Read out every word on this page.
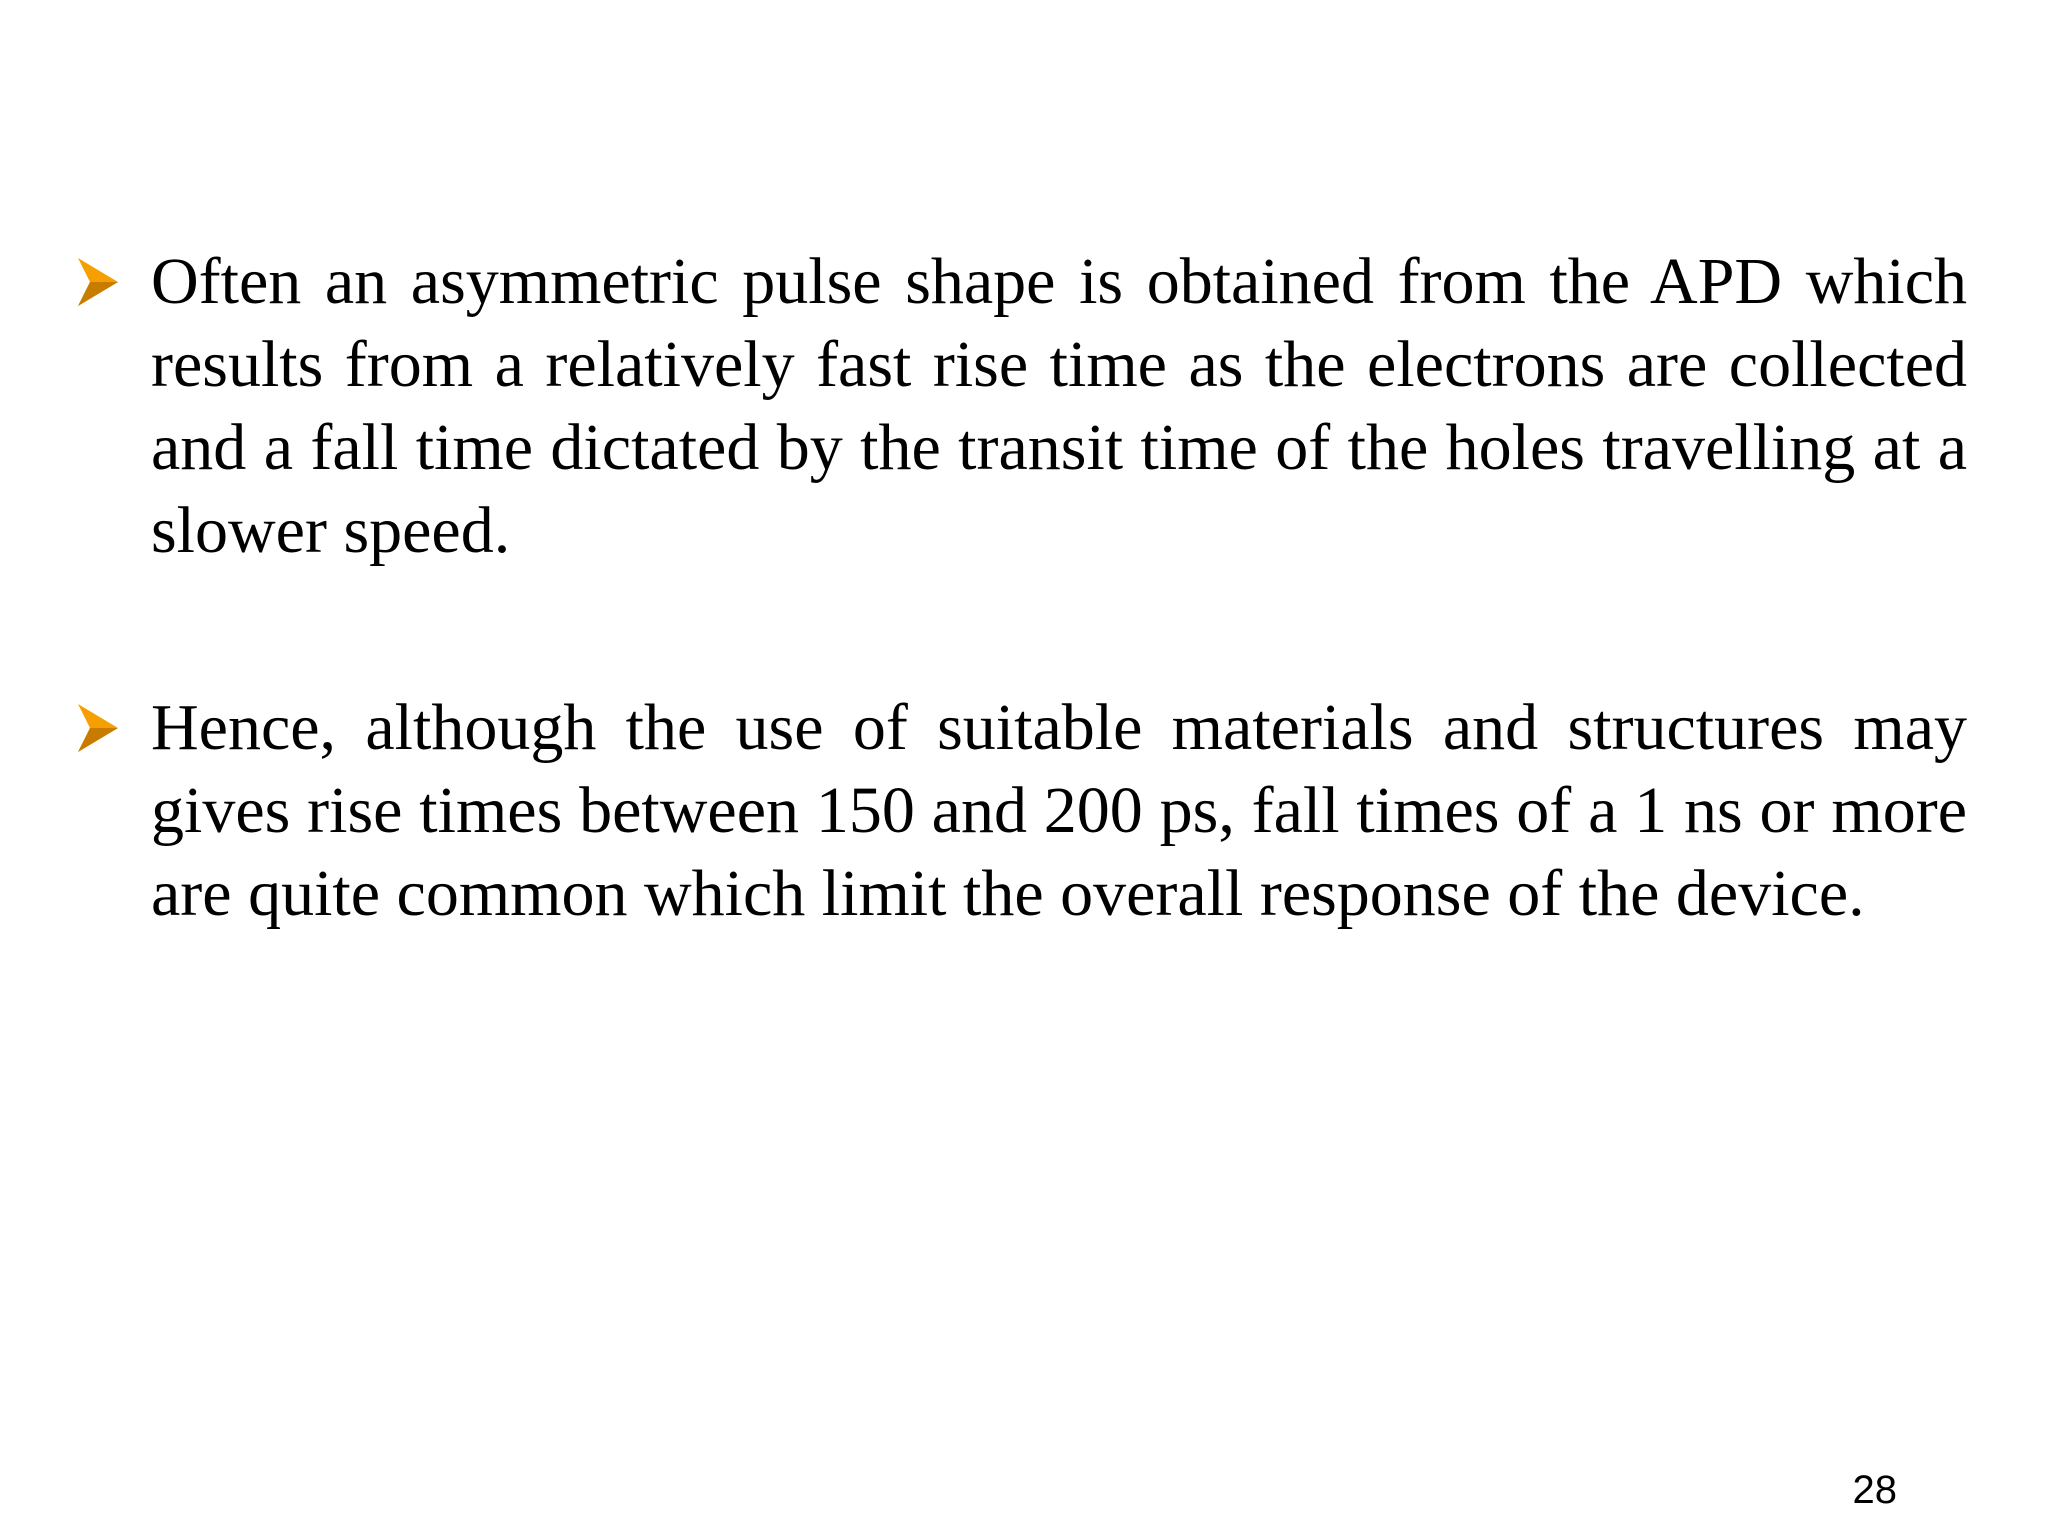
Often an asymmetric pulse shape is obtained from the APD which results from a relatively fast rise time as the electrons are collected and a fall time dictated by the transit time of the holes travelling at a slower speed.

Hence, although the use of suitable materials and structures may gives rise times between 150 and 200 ps, fall times of a 1 ns or more are quite common which limit the overall response of the device.

28
